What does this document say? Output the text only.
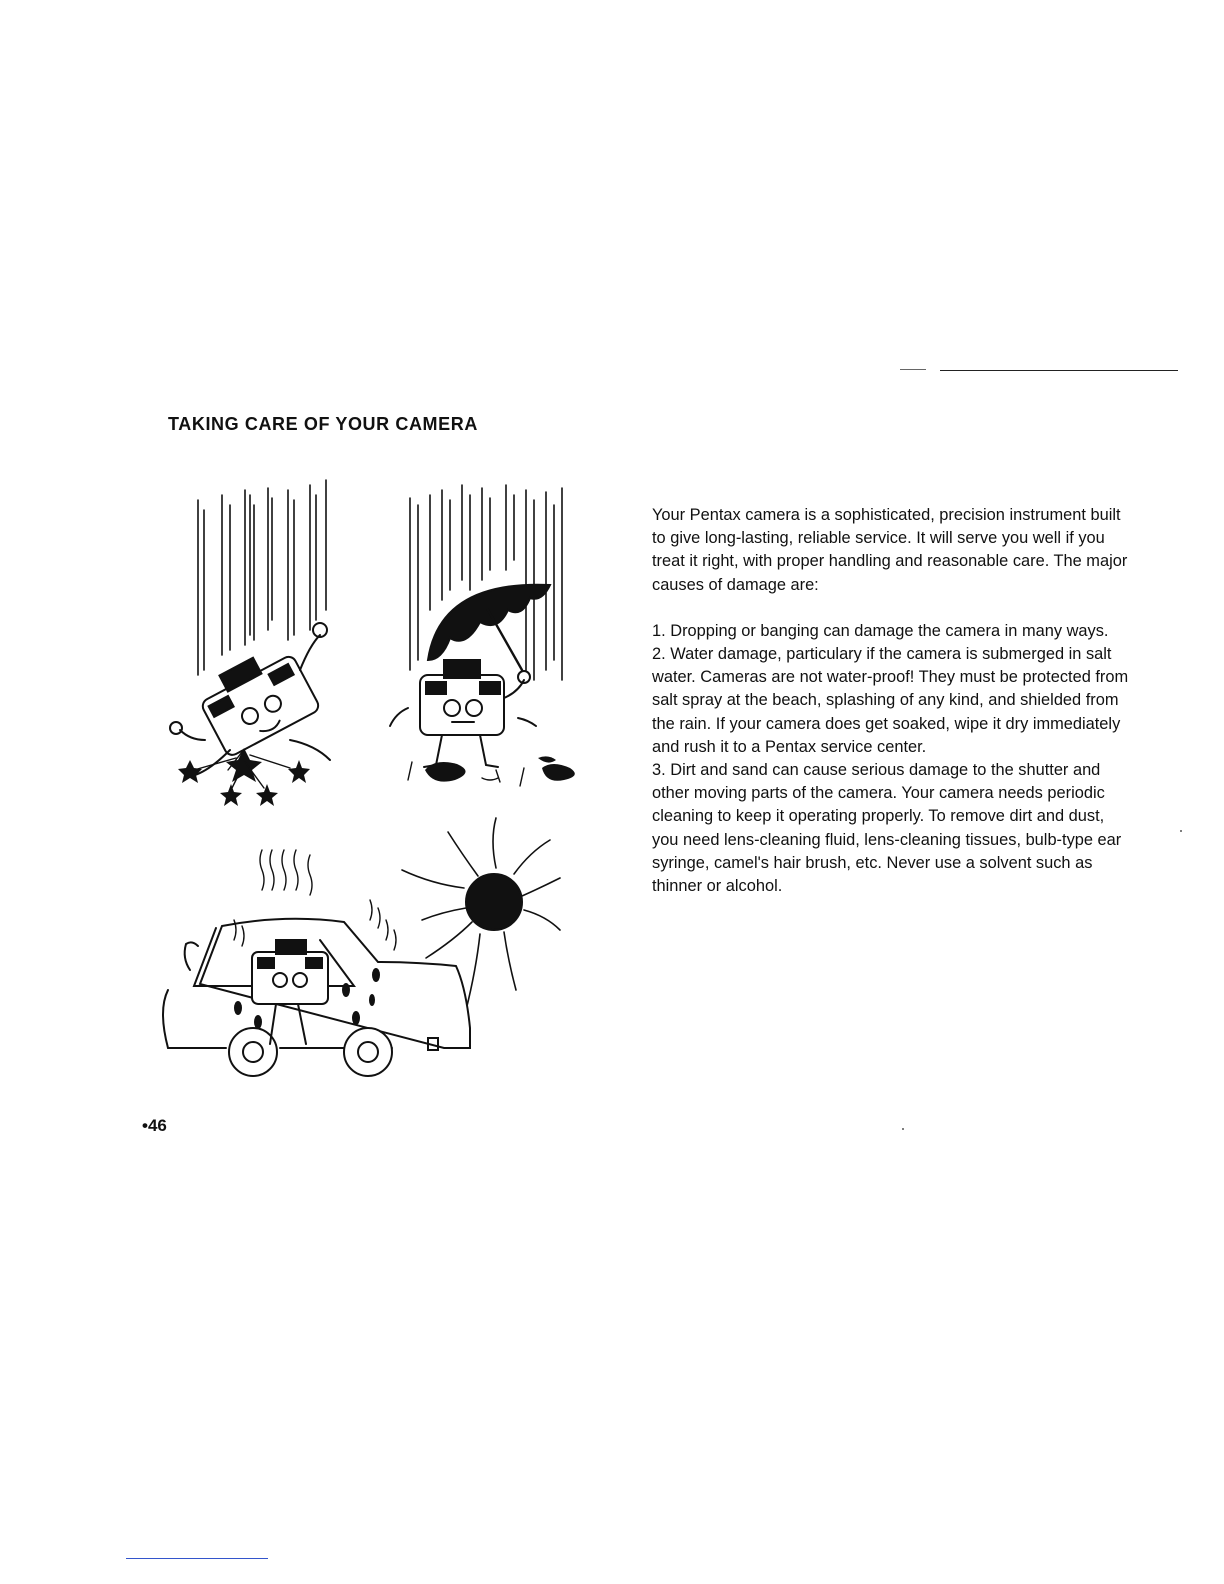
TAKING CARE OF YOUR CAMERA

Your Pentax camera is a sophisticated, precision instrument built to give long-lasting, reliable service. It will serve you well if you treat it right, with proper handling and reasonable care. The major causes of damage are:

1. Dropping or banging can damage the camera in many ways.

2. Water damage, particulary if the camera is submerged in salt water. Cameras are not water-proof! They must be protected from salt spray at the beach, splashing of any kind, and shielded from the rain. If your camera does get soaked, wipe it dry immediately and rush it to a Pentax service center.

3. Dirt and sand can cause serious damage to the shutter and other moving parts of the camera. Your camera needs periodic cleaning to keep it operating properly. To remove dirt and dust, you need lens-cleaning fluid, lens-cleaning tissues, bulb-type ear syringe, camel's hair brush, etc. Never use a solvent such as thinner or alcohol.

•46
